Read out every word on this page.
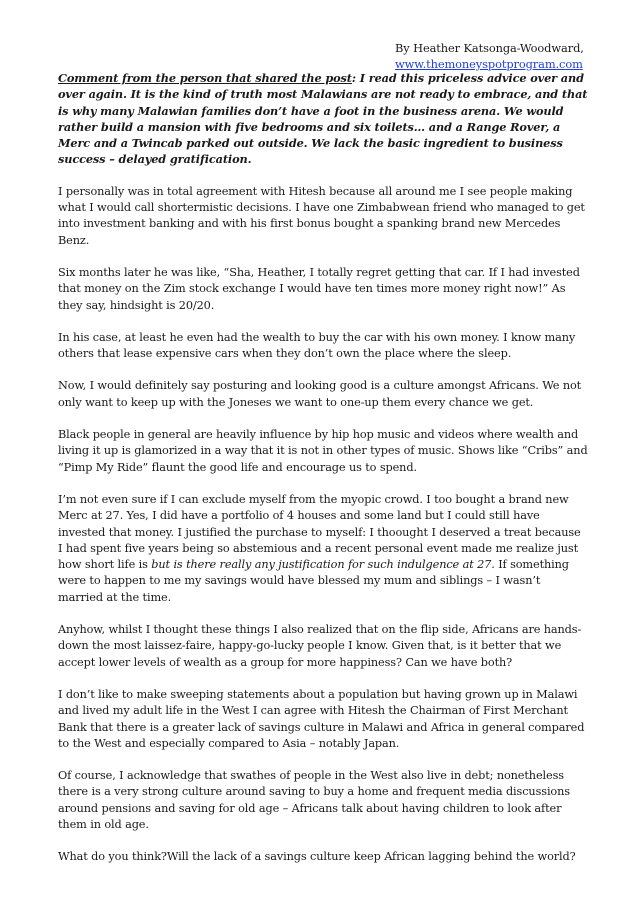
By Heather Katsonga-Woodward,
www.themoneyspotprogram.com

Comment from the person that shared the post: I read this priceless advice over and over again. It is the kind of truth most Malawians are not ready to embrace, and that is why many Malawian families don’t have a foot in the business arena. We would rather build a mansion with five bedrooms and six toilets… and a Range Rover, a Merc and a Twincab parked out outside. We lack the basic ingredient to business success – delayed gratification.

I personally was in total agreement with Hitesh because all around me I see people making what I would call shortermistic decisions. I have one Zimbabwean friend who managed to get into investment banking and with his first bonus bought a spanking brand new Mercedes Benz.

Six months later he was like, “Sha, Heather, I totally regret getting that car. If I had invested that money on the Zim stock exchange I would have ten times more money right now!” As they say, hindsight is 20/20.

In his case, at least he even had the wealth to buy the car with his own money. I know many others that lease expensive cars when they don’t own the place where the sleep.

Now, I would definitely say posturing and looking good is a culture amongst Africans. We not only want to keep up with the Joneses we want to one-up them every chance we get.

Black people in general are heavily influence by hip hop music and videos where wealth and living it up is glamorized in a way that it is not in other types of music. Shows like “Cribs” and “Pimp My Ride” flaunt the good life and encourage us to spend.

I’m not even sure if I can exclude myself from the myopic crowd. I too bought a brand new Merc at 27. Yes, I did have a portfolio of 4 houses and some land but I could still have invested that money. I justified the purchase to myself: I thoought I deserved a treat because I had spent five years being so abstemious and a recent personal event made me realize just how short life is but is there really any justification for such indulgence at 27. If something were to happen to me my savings would have blessed my mum and siblings – I wasn’t married at the time.

Anyhow, whilst I thought these things I also realized that on the flip side, Africans are hands-down the most laissez-faire, happy-go-lucky people I know. Given that, is it better that we accept lower levels of wealth as a group for more happiness? Can we have both?

I don’t like to make sweeping statements about a population but having grown up in Malawi and lived my adult life in the West I can agree with Hitesh the Chairman of First Merchant Bank that there is a greater lack of savings culture in Malawi and Africa in general compared to the West and especially compared to Asia – notably Japan.

Of course, I acknowledge that swathes of people in the West also live in debt; nonetheless there is a very strong culture around saving to buy a home and frequent media discussions around pensions and saving for old age – Africans talk about having children to look after them in old age.

What do you think?Will the lack of a savings culture keep African lagging behind the world?
